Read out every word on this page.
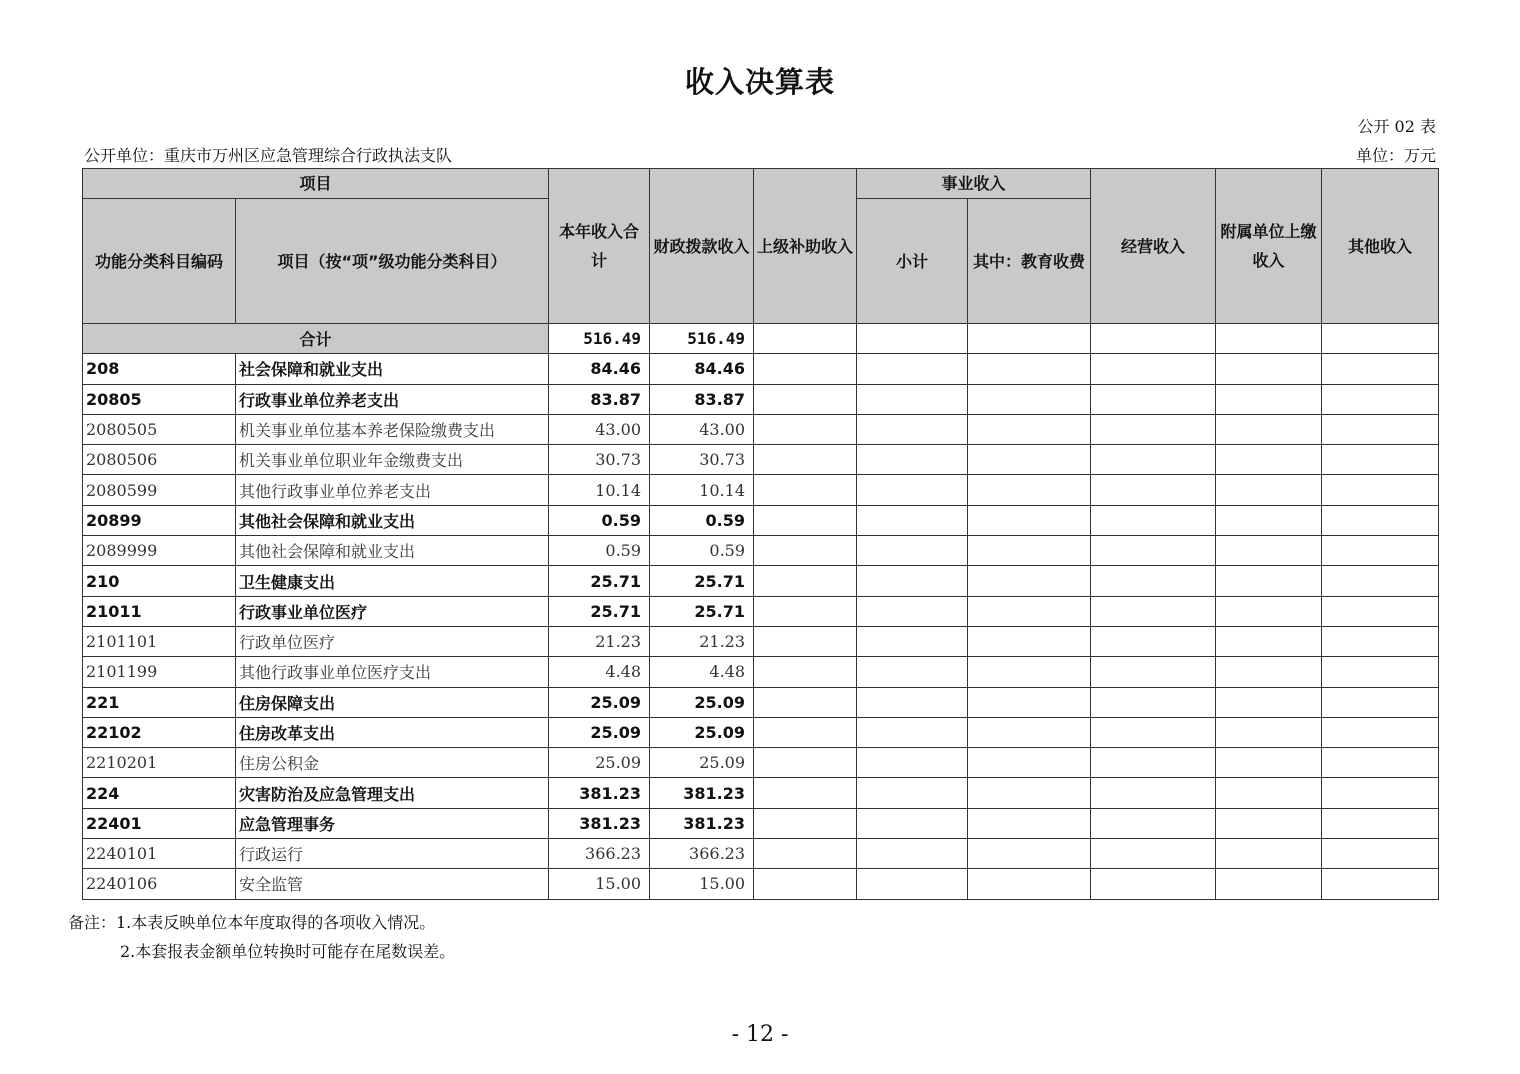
收入决算表
公开 02 表
公开单位：重庆市万州区应急管理综合行政执法支队	单位：万元
项目		本年收入合计	财政拨款收入	上级补助收入	事业收入		经营收入	附属单位上缴收入	其他收入
功能分类科目编码	项目（按“项”级功能分类科目）				小计	其中：教育收费			
合计		516.49	516.49						
208	社会保障和就业支出	84.46	84.46						
20805	行政事业单位养老支出	83.87	83.87						
2080505	机关事业单位基本养老保险缴费支出	43.00	43.00						
2080506	机关事业单位职业年金缴费支出	30.73	30.73						
2080599	其他行政事业单位养老支出	10.14	10.14						
20899	其他社会保障和就业支出	0.59	0.59						
2089999	其他社会保障和就业支出	0.59	0.59						
210	卫生健康支出	25.71	25.71						
21011	行政事业单位医疗	25.71	25.71						
2101101	行政单位医疗	21.23	21.23						
2101199	其他行政事业单位医疗支出	4.48	4.48						
221	住房保障支出	25.09	25.09						
22102	住房改革支出	25.09	25.09						
2210201	住房公积金	25.09	25.09						
224	灾害防治及应急管理支出	381.23	381.23						
22401	应急管理事务	381.23	381.23						
2240101	行政运行	366.23	366.23						
2240106	安全监管	15.00	15.00						
备注：1.本表反映单位本年度取得的各项收入情况。
2.本套报表金额单位转换时可能存在尾数误差。
- 12 -
